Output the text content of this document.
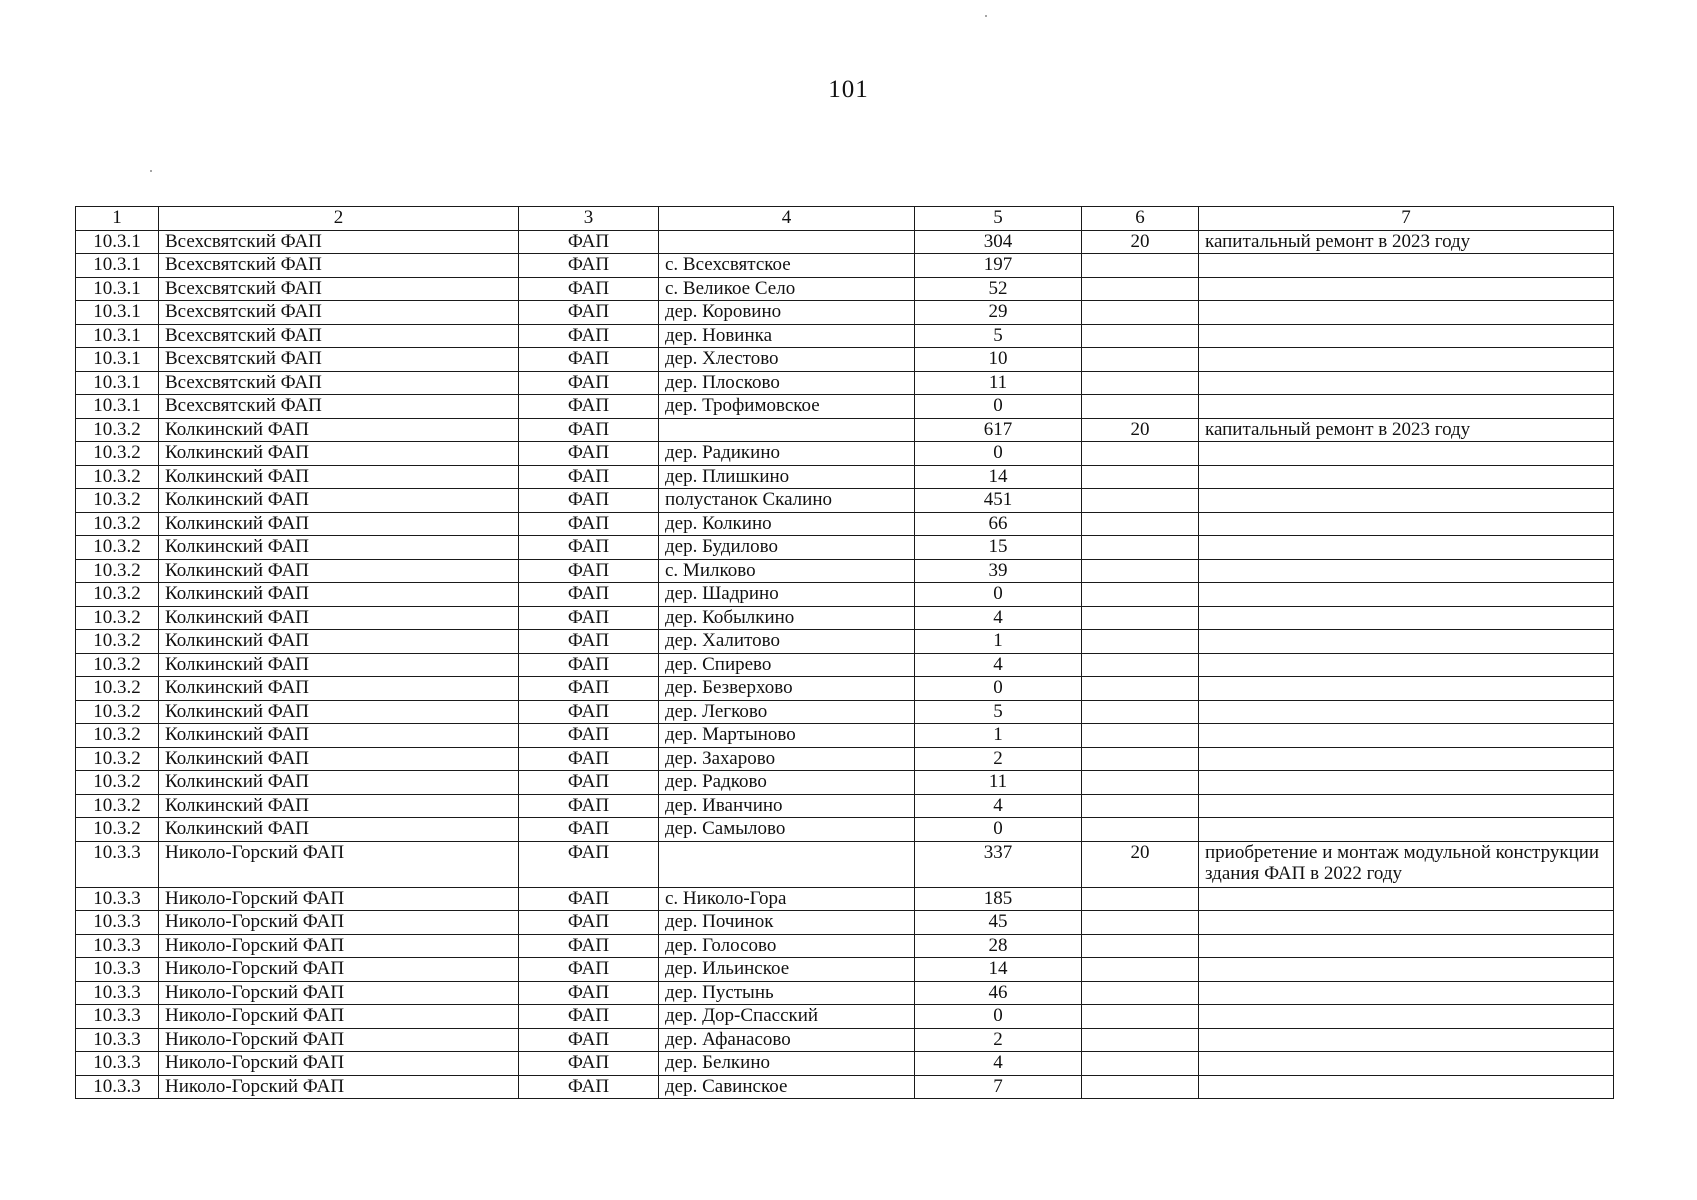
101
1	2	3	4	5	6	7
10.3.1	Всехсвятский ФАП	ФАП		304	20	капитальный ремонт в 2023 году
10.3.1	Всехсвятский ФАП	ФАП	с. Всехсвятское	197		
10.3.1	Всехсвятский ФАП	ФАП	с. Великое Село	52		
10.3.1	Всехсвятский ФАП	ФАП	дер. Коровино	29		
10.3.1	Всехсвятский ФАП	ФАП	дер. Новинка	5		
10.3.1	Всехсвятский ФАП	ФАП	дер. Хлестово	10		
10.3.1	Всехсвятский ФАП	ФАП	дер. Плосково	11		
10.3.1	Всехсвятский ФАП	ФАП	дер. Трофимовское	0		
10.3.2	Колкинский ФАП	ФАП		617	20	капитальный ремонт в 2023 году
10.3.2	Колкинский ФАП	ФАП	дер. Радикино	0		
10.3.2	Колкинский ФАП	ФАП	дер. Плишкино	14		
10.3.2	Колкинский ФАП	ФАП	полустанок Скалино	451		
10.3.2	Колкинский ФАП	ФАП	дер. Колкино	66		
10.3.2	Колкинский ФАП	ФАП	дер. Будилово	15		
10.3.2	Колкинский ФАП	ФАП	с. Милково	39		
10.3.2	Колкинский ФАП	ФАП	дер. Шадрино	0		
10.3.2	Колкинский ФАП	ФАП	дер. Кобылкино	4		
10.3.2	Колкинский ФАП	ФАП	дер. Халитово	1		
10.3.2	Колкинский ФАП	ФАП	дер. Спирево	4		
10.3.2	Колкинский ФАП	ФАП	дер. Безверхово	0		
10.3.2	Колкинский ФАП	ФАП	дер. Легково	5		
10.3.2	Колкинский ФАП	ФАП	дер. Мартыново	1		
10.3.2	Колкинский ФАП	ФАП	дер. Захарово	2		
10.3.2	Колкинский ФАП	ФАП	дер. Радково	11		
10.3.2	Колкинский ФАП	ФАП	дер. Иванчино	4		
10.3.2	Колкинский ФАП	ФАП	дер. Самылово	0		
10.3.3	Николо-Горский ФАП	ФАП		337	20	приобретение и монтаж модульной конструкции здания ФАП в 2022 году
10.3.3	Николо-Горский ФАП	ФАП	с. Николо-Гора	185		
10.3.3	Николо-Горский ФАП	ФАП	дер. Починок	45		
10.3.3	Николо-Горский ФАП	ФАП	дер. Голосово	28		
10.3.3	Николо-Горский ФАП	ФАП	дер. Ильинское	14		
10.3.3	Николо-Горский ФАП	ФАП	дер. Пустынь	46		
10.3.3	Николо-Горский ФАП	ФАП	дер. Дор-Спасский	0		
10.3.3	Николо-Горский ФАП	ФАП	дер. Афанасово	2		
10.3.3	Николо-Горский ФАП	ФАП	дер. Белкино	4		
10.3.3	Николо-Горский ФАП	ФАП	дер. Савинское	7		
